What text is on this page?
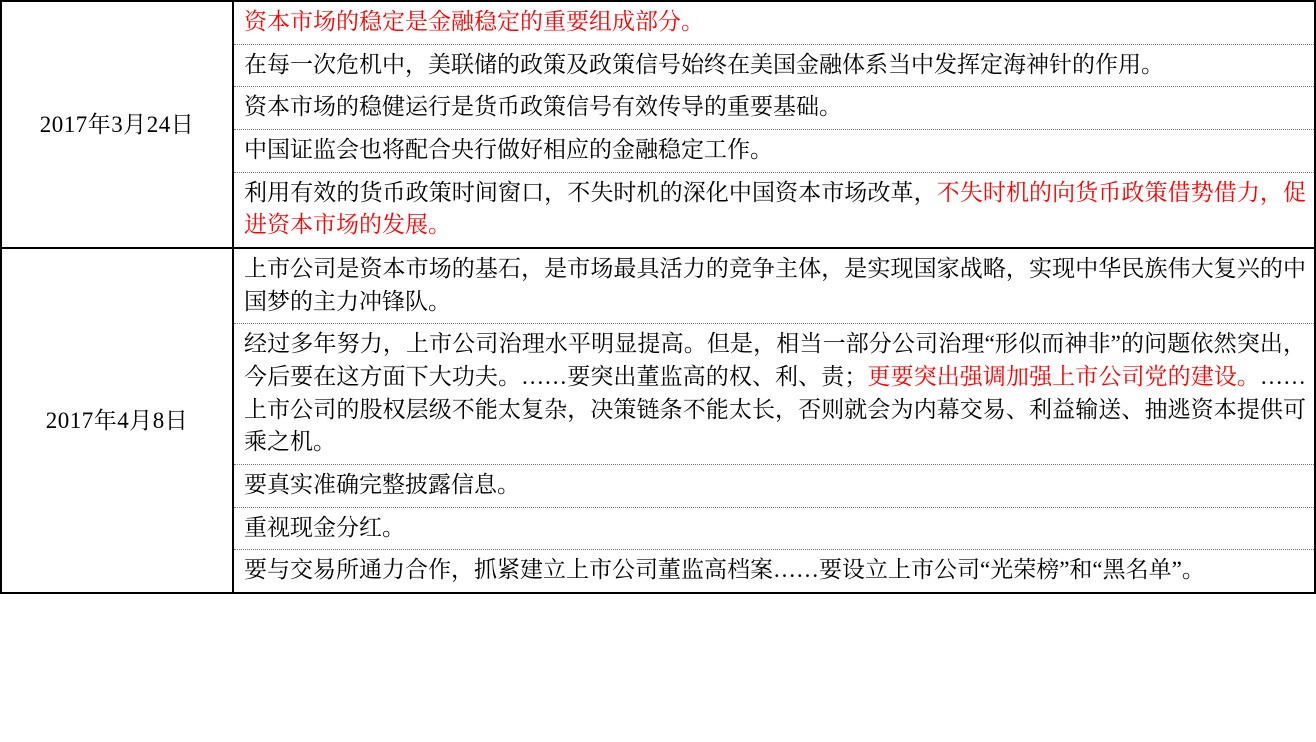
2017年3月24日	
资本市场的稳定是金融稳定的重要组成部分。
在每一次危机中，美联储的政策及政策信号始终在美国金融体系当中发挥定海神针的作用。
资本市场的稳健运行是货币政策信号有效传导的重要基础。
中国证监会也将配合央行做好相应的金融稳定工作。
利用有效的货币政策时间窗口，不失时机的深化中国资本市场改革，不失时机的向货币政策借势借力，促进资本市场的发展。

2017年4月8日	
上市公司是资本市场的基石，是市场最具活力的竞争主体，是实现国家战略，实现中华民族伟大复兴的中国梦的主力冲锋队。
经过多年努力，上市公司治理水平明显提高。但是，相当一部分公司治理“形似而神非”的问题依然突出，今后要在这方面下大功夫。……要突出董监高的权、利、责；更要突出强调加强上市公司党的建设。……上市公司的股权层级不能太复杂，决策链条不能太长，否则就会为内幕交易、利益输送、抽逃资本提供可乘之机。
要真实准确完整披露信息。
重视现金分红。
要与交易所通力合作，抓紧建立上市公司董监高档案……要设立上市公司“光荣榜”和“黑名单”。
